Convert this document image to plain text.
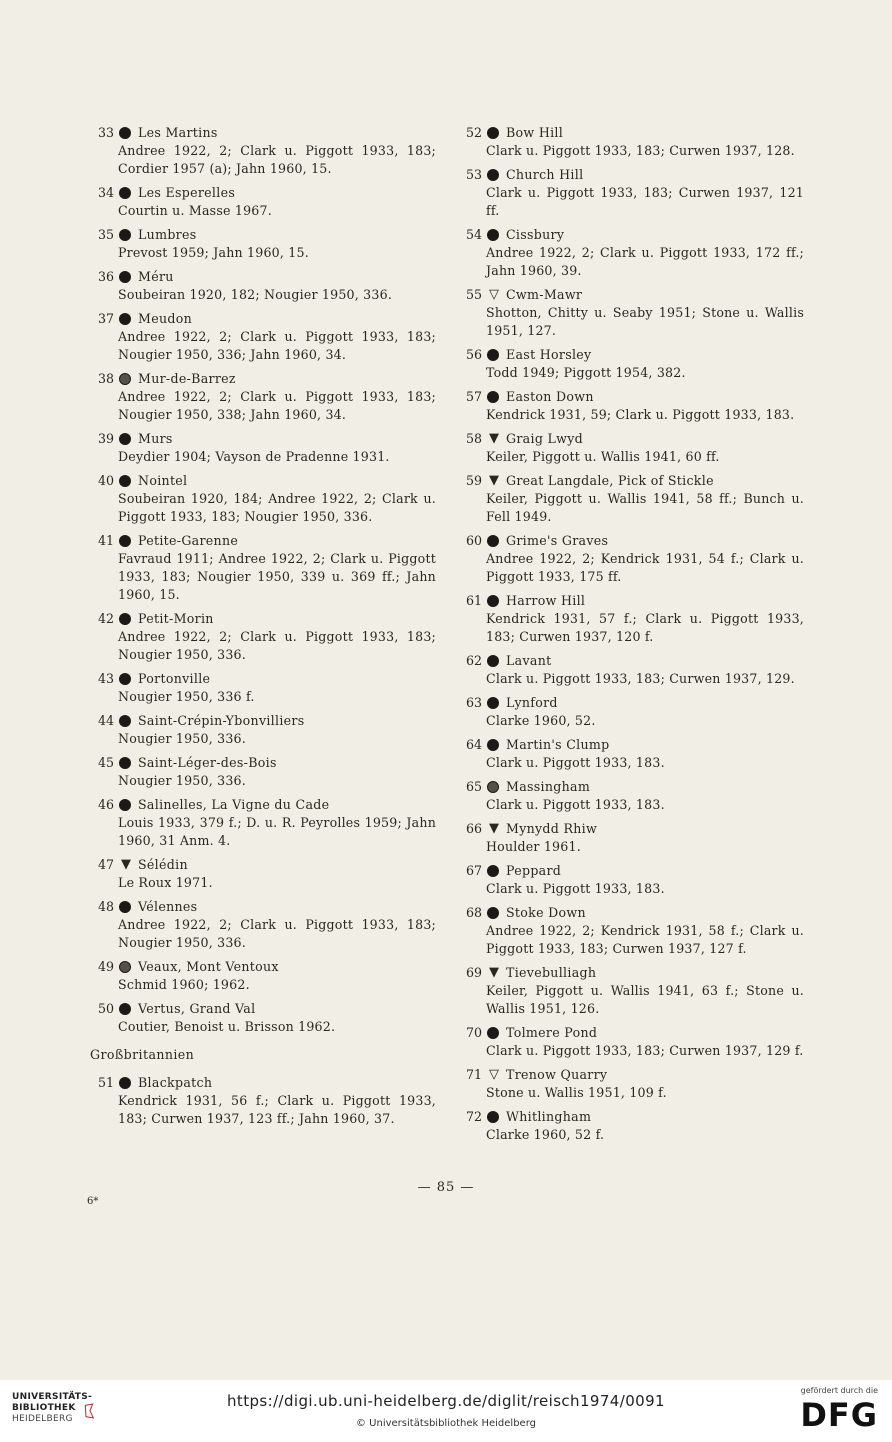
33 Les Martins
Andree 1922, 2; Clark u. Piggott 1933, 183; Cordier 1957 (a); Jahn 1960, 15.
34 Les Esperelles
Courtin u. Masse 1967.
35 Lumbres
Prevost 1959; Jahn 1960, 15.
36 Méru
Soubeiran 1920, 182; Nougier 1950, 336.
37 Meudon
Andree 1922, 2; Clark u. Piggott 1933, 183; Nougier 1950, 336; Jahn 1960, 34.
38 Mur-de-Barrez
Andree 1922, 2; Clark u. Piggott 1933, 183; Nougier 1950, 338; Jahn 1960, 34.
39 Murs
Deydier 1904; Vayson de Pradenne 1931.
40 Nointel
Soubeiran 1920, 184; Andree 1922, 2; Clark u. Piggott 1933, 183; Nougier 1950, 336.
41 Petite-Garenne
Favraud 1911; Andree 1922, 2; Clark u. Piggott 1933, 183; Nougier 1950, 339 u. 369 ff.; Jahn 1960, 15.
42 Petit-Morin
Andree 1922, 2; Clark u. Piggott 1933, 183; Nougier 1950, 336.
43 Portonville
Nougier 1950, 336 f.
44 Saint-Crépin-Ybonvilliers
Nougier 1950, 336.
45 Saint-Léger-des-Bois
Nougier 1950, 336.
46 Salinelles, La Vigne du Cade
Louis 1933, 379 f.; D. u. R. Peyrolles 1959; Jahn 1960, 31 Anm. 4.
47 ▼ Sélédin
Le Roux 1971.
48 Vélennes
Andree 1922, 2; Clark u. Piggott 1933, 183; Nougier 1950, 336.
49 Veaux, Mont Ventoux
Schmid 1960; 1962.
50 Vertus, Grand Val
Coutier, Benoist u. Brisson 1962.
Großbritannien
51 Blackpatch
Kendrick 1931, 56 f.; Clark u. Piggott 1933, 183; Curwen 1937, 123 ff.; Jahn 1960, 37.
52 Bow Hill
Clark u. Piggott 1933, 183; Curwen 1937, 128.
53 Church Hill
Clark u. Piggott 1933, 183; Curwen 1937, 121 ff.
54 Cissbury
Andree 1922, 2; Clark u. Piggott 1933, 172 ff.; Jahn 1960, 39.
55 ▽ Cwm-Mawr
Shotton, Chitty u. Seaby 1951; Stone u. Wallis 1951, 127.
56 East Horsley
Todd 1949; Piggott 1954, 382.
57 Easton Down
Kendrick 1931, 59; Clark u. Piggott 1933, 183.
58 ▼ Graig Lwyd
Keiler, Piggott u. Wallis 1941, 60 ff.
59 ▼ Great Langdale, Pick of Stickle
Keiler, Piggott u. Wallis 1941, 58 ff.; Bunch u. Fell 1949.
60 Grime's Graves
Andree 1922, 2; Kendrick 1931, 54 f.; Clark u. Piggott 1933, 175 ff.
61 Harrow Hill
Kendrick 1931, 57 f.; Clark u. Piggott 1933, 183; Curwen 1937, 120 f.
62 Lavant
Clark u. Piggott 1933, 183; Curwen 1937, 129.
63 Lynford
Clarke 1960, 52.
64 Martin's Clump
Clark u. Piggott 1933, 183.
65 Massingham
Clark u. Piggott 1933, 183.
66 ▼ Mynydd Rhiw
Houlder 1961.
67 Peppard
Clark u. Piggott 1933, 183.
68 Stoke Down
Andree 1922, 2; Kendrick 1931, 58 f.; Clark u. Piggott 1933, 183; Curwen 1937, 127 f.
69 ▼ Tievebulliagh
Keiler, Piggott u. Wallis 1941, 63 f.; Stone u. Wallis 1951, 126.
70 Tolmere Pond
Clark u. Piggott 1933, 183; Curwen 1937, 129 f.
71 ▽ Trenow Quarry
Stone u. Wallis 1951, 109 f.
72 Whitlingham
Clarke 1960, 52 f.
— 85 —
6*
UNIVERSITÄTS-
BIBLIOTHEK
HEIDELBERG
https://digi.ub.uni-heidelberg.de/diglit/reisch1974/0091
© Universitätsbibliothek Heidelberg
gefördert durch die
DFG
